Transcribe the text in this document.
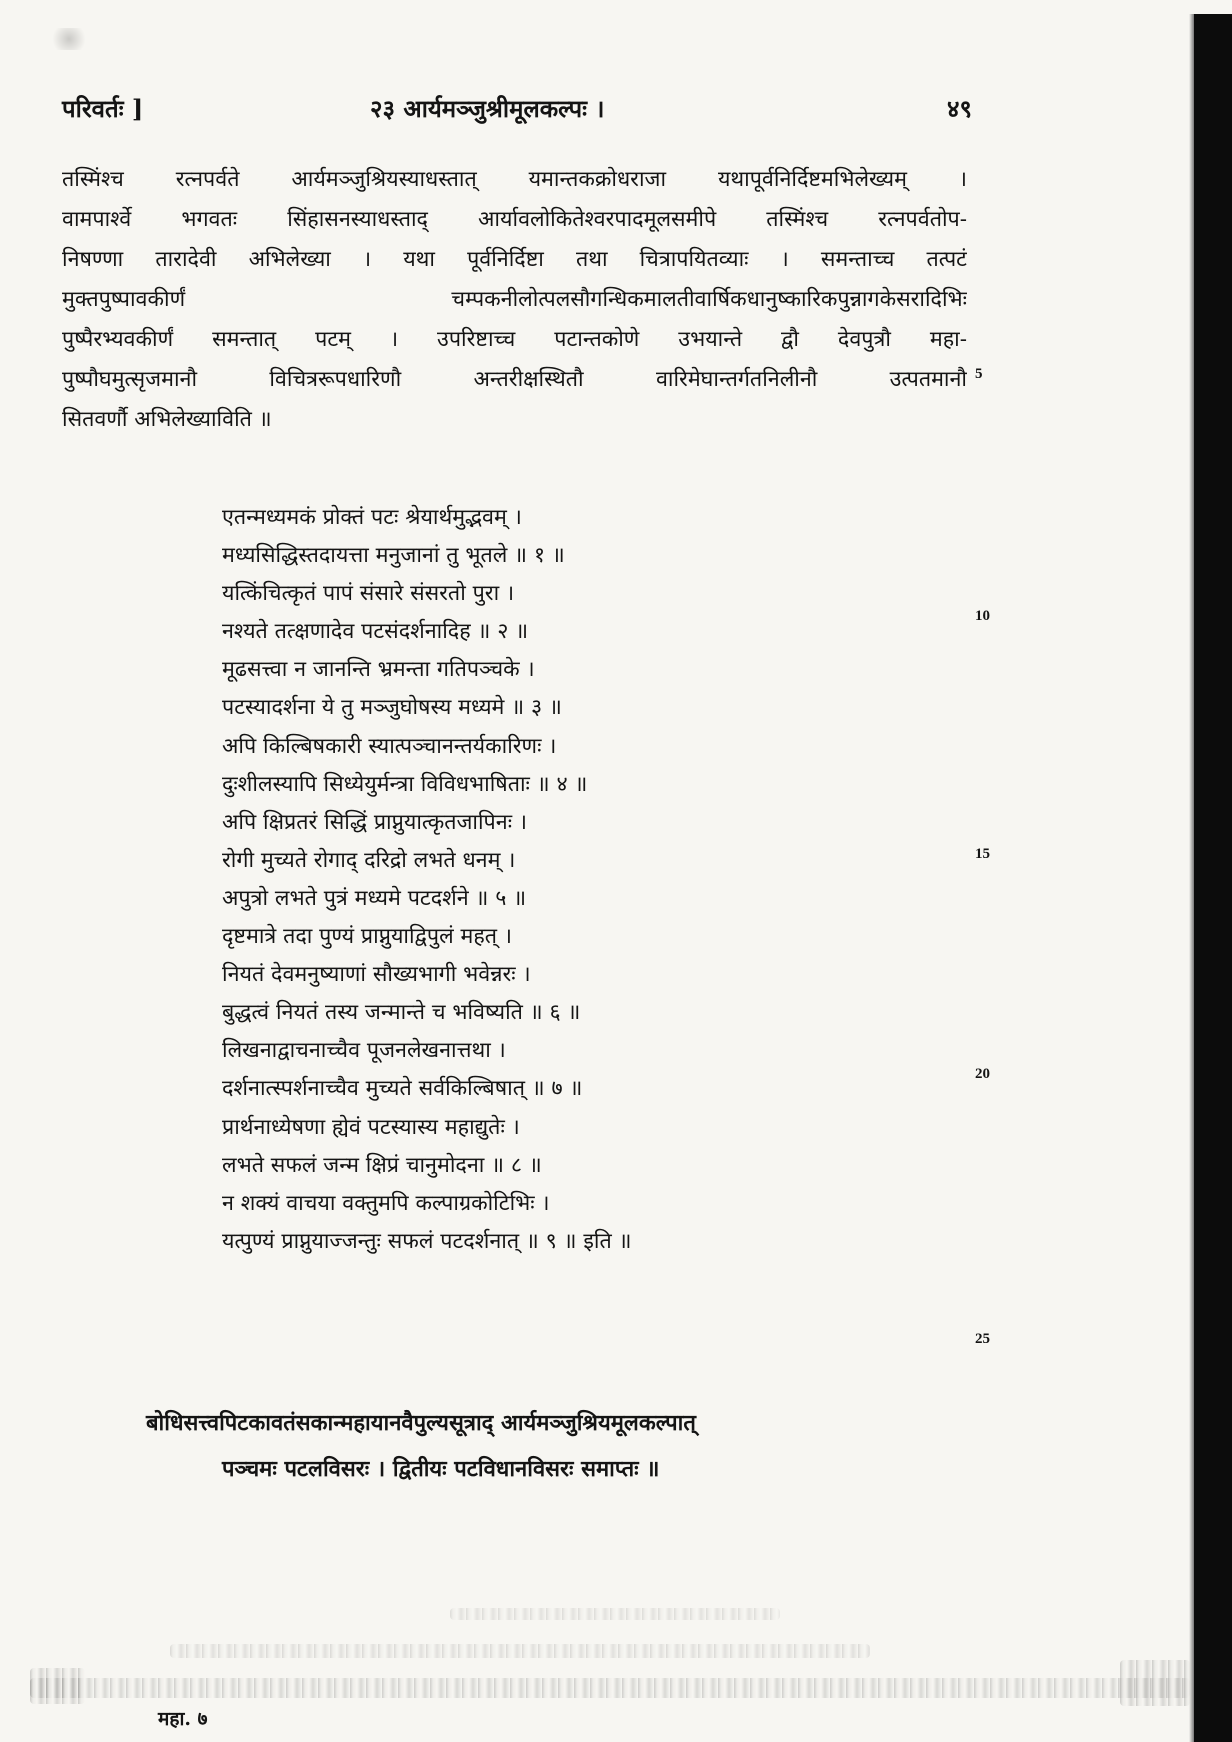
परिवर्तः ]	२३ आर्यमञ्जुश्रीमूलकल्पः ।	४९
तस्मिंश्च रत्नपर्वते आर्यमञ्जुश्रियस्याधस्तात् यमान्तकक्रोधराजा यथापूर्वनिर्दिष्टमभिलेख्यम् ।
वामपार्श्वे भगवतः सिंहासनस्याधस्ताद् आर्यावलोकितेश्वरपादमूलसमीपे तस्मिंश्च रत्नपर्वतोप-
निषण्णा तारादेवी अभिलेख्या । यथा पूर्वनिर्दिष्टा तथा चित्रापयितव्याः । समन्ताच्च तत्पटं
मुक्तपुष्पावकीर्णं चम्पकनीलोत्पलसौगन्धिकमालतीवार्षिकधानुष्कारिकपुन्नागकेसरादिभिः
पुष्पैरभ्यवकीर्णं समन्तात् पटम् । उपरिष्टाच्च पटान्तकोणे उभयान्ते द्वौ देवपुत्रौ महा-
पुष्पौघमुत्सृजमानौ विचित्ररूपधारिणौ अन्तरीक्षस्थितौ वारिमेघान्तर्गतनिलीनौ उत्पतमानौ
सितवर्णौ अभिलेख्याविति ॥
एतन्मध्यमकं प्रोक्तं पटः श्रेयार्थमुद्भवम् ।
मध्यसिद्धिस्तदायत्ता मनुजानां तु भूतले ॥ १ ॥
यत्किंचित्कृतं पापं संसारे संसरतो पुरा ।
नश्यते तत्क्षणादेव पटसंदर्शनादिह ॥ २ ॥
मूढसत्त्वा न जानन्ति भ्रमन्ता गतिपञ्चके ।
पटस्यादर्शना ये तु मञ्जुघोषस्य मध्यमे ॥ ३ ॥
अपि किल्बिषकारी स्यात्पञ्चानन्तर्यकारिणः ।
दुःशीलस्यापि सिध्येयुर्मन्त्रा विविधभाषिताः ॥ ४ ॥
अपि क्षिप्रतरं सिद्धिं प्राप्नुयात्कृतजापिनः ।
रोगी मुच्यते रोगाद् दरिद्रो लभते धनम् ।
अपुत्रो लभते पुत्रं मध्यमे पटदर्शने ॥ ५ ॥
दृष्टमात्रे तदा पुण्यं प्राप्नुयाद्विपुलं महत् ।
नियतं देवमनुष्याणां सौख्यभागी भवेन्नरः ।
बुद्धत्वं नियतं तस्य जन्मान्ते च भविष्यति ॥ ६ ॥
लिखनाद्वाचनाच्चैव पूजनलेखनात्तथा ।
दर्शनात्स्पर्शनाच्चैव मुच्यते सर्वकिल्बिषात् ॥ ७ ॥
प्रार्थनाध्येषणा ह्येवं पटस्यास्य महाद्युतेः ।
लभते सफलं जन्म क्षिप्रं चानुमोदना ॥ ८ ॥
न शक्यं वाचया वक्तुमपि कल्पाग्रकोटिभिः ।
यत्पुण्यं प्राप्नुयाज्जन्तुः सफलं पटदर्शनात् ॥ ९ ॥ इति ॥
बोधिसत्त्वपिटकावतंसकान्महायानवैपुल्यसूत्राद् आर्यमञ्जुश्रियमूलकल्पात्
पञ्चमः पटलविसरः । द्वितीयः पटविधानविसरः समाप्तः ॥
5
10
15
20
25
महा. ७
